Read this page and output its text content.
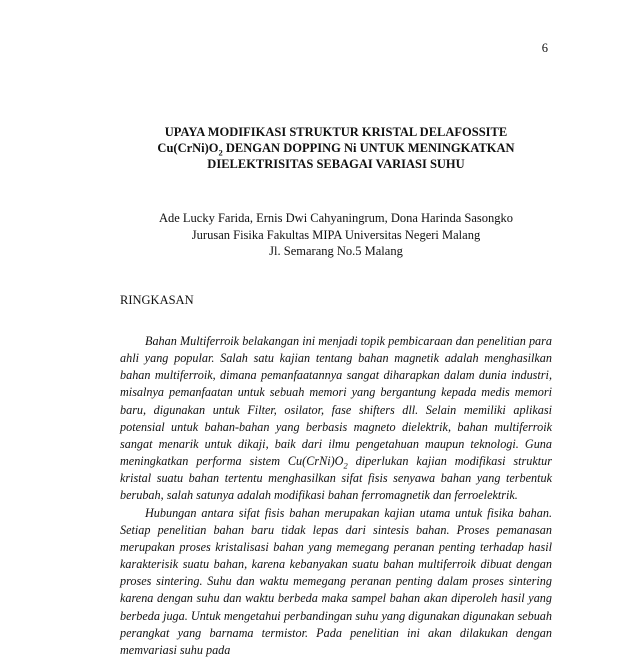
6
UPAYA MODIFIKASI STRUKTUR KRISTAL DELAFOSSITE
$Cu(CrNi)O_2$ DENGAN DOPPING Ni UNTUK MENINGKATKAN
DIELEKTRISITAS SEBAGAI VARIASI SUHU
Ade Lucky Farida, Ernis Dwi Cahyaningrum, Dona Harinda Sasongko
Jurusan Fisika Fakultas MIPA Universitas Negeri Malang
Jl. Semarang No.5 Malang
RINGKASAN

Bahan Multiferroik belakangan ini menjadi topik pembicaraan dan penelitian para ahli yang popular. Salah satu kajian tentang bahan magnetik adalah menghasilkan bahan multiferroik, dimana pemanfaatannya sangat diharapkan dalam dunia industri, misalnya pemanfaatan untuk sebuah memori yang bergantung kepada medis memori baru, digunakan untuk Filter, osilator, fase shifters dll. Selain memiliki aplikasi potensial untuk bahan-bahan yang berbasis magneto dielektrik, bahan multiferroik sangat menarik untuk dikaji, baik dari ilmu pengetahuan maupun teknologi. Guna meningkatkan performa sistem $Cu(CrNi)O_2$ diperlukan kajian modifikasi struktur kristal suatu bahan tertentu menghasilkan sifat fisis senyawa bahan yang terbentuk berubah, salah satunya adalah modifikasi bahan ferromagnetik dan ferroelektrik.

Hubungan antara sifat fisis bahan merupakan kajian utama untuk fisika bahan. Setiap penelitian bahan baru tidak lepas dari sintesis bahan. Proses pemanasan merupakan proses kristalisasi bahan yang memegang peranan penting terhadap hasil karakterisik suatu bahan, karena kebanyakan suatu bahan multiferroik dibuat dengan proses sintering. Suhu dan waktu memegang peranan penting dalam proses sintering karena dengan suhu dan waktu berbeda maka sampel bahan akan diperoleh hasil yang berbeda juga. Untuk mengetahui perbandingan suhu yang digunakan digunakan sebuah perangkat yang barnama termistor. Pada penelitian ini akan dilakukan dengan memvariasi suhu pada
